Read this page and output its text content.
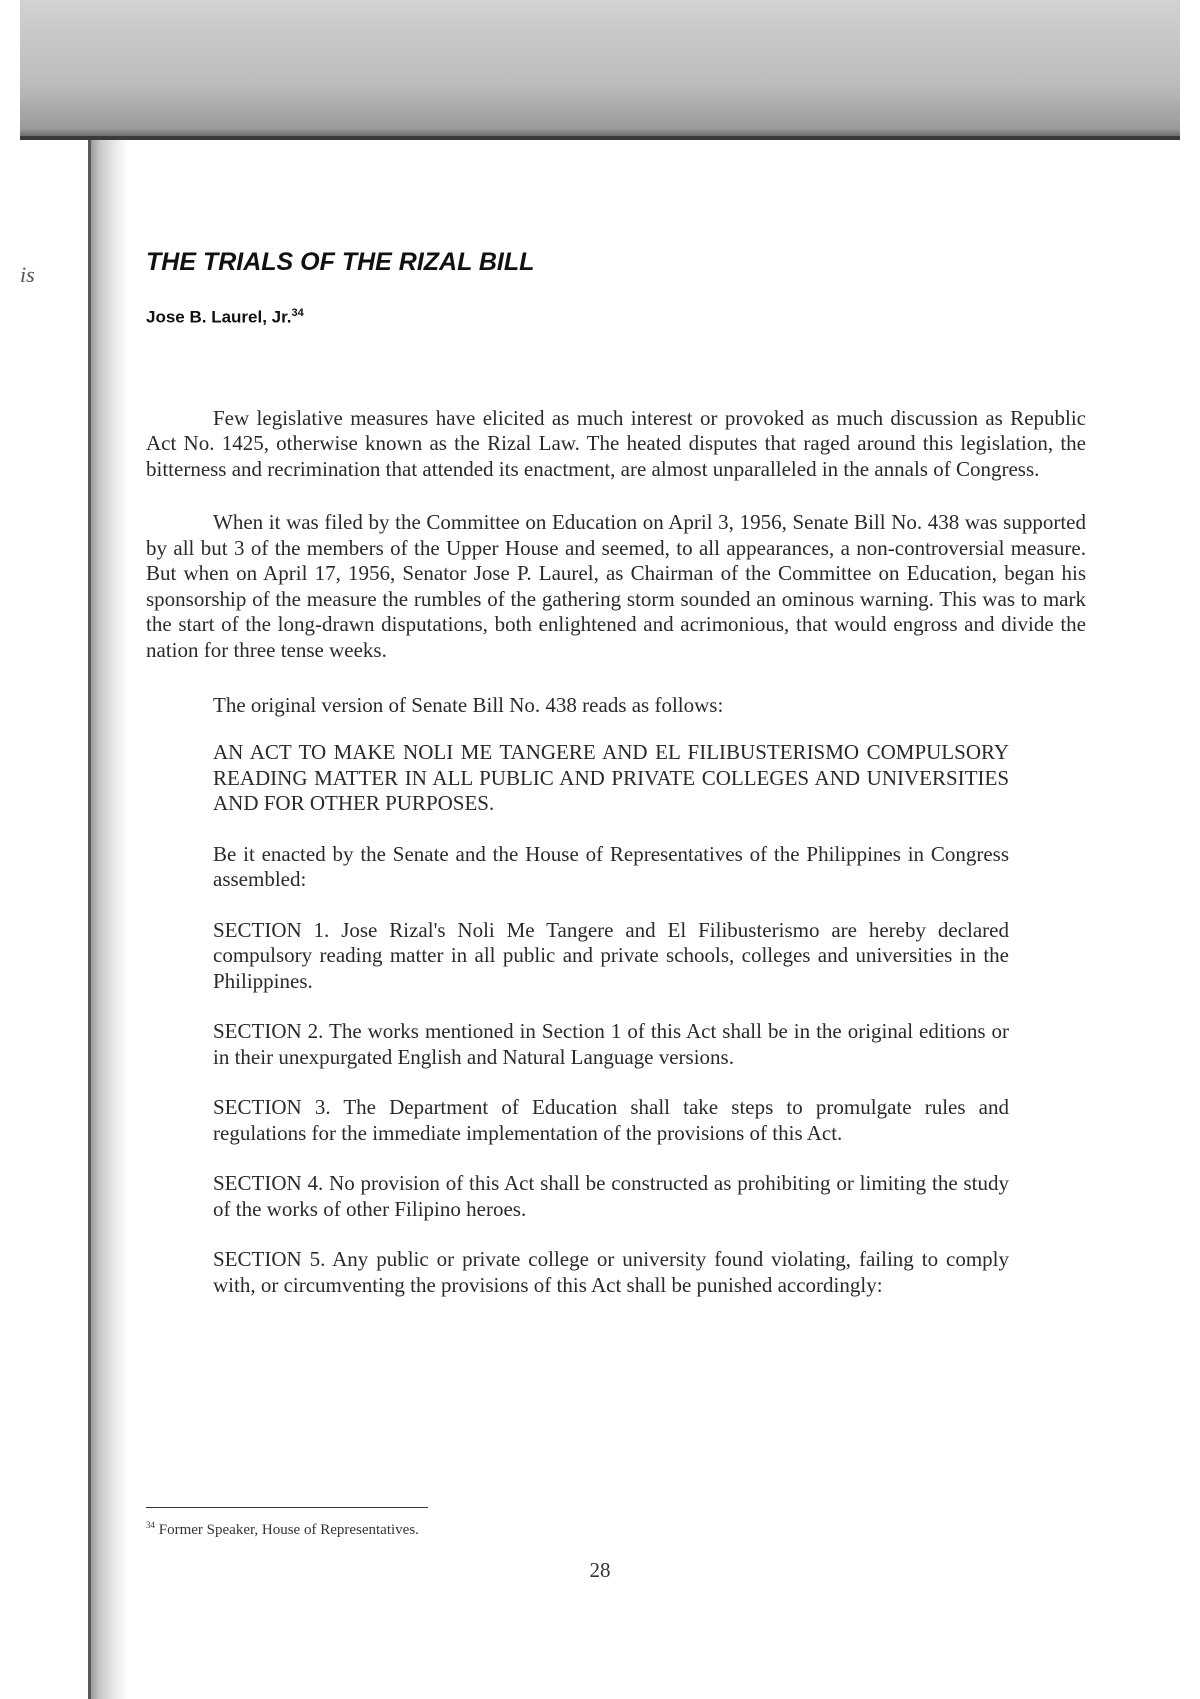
is	THE TRIALS OF THE RIZAL BILL
Jose B. Laurel, Jr.$^{34}$

Few legislative measures have elicited as much interest or provoked as much discussion as Republic Act No. 1425, otherwise known as the Rizal Law. The heated disputes that raged around this legislation, the bitterness and recrimination that attended its enactment, are almost unparalleled in the annals of Congress.

When it was filed by the Committee on Education on April 3, 1956, Senate Bill No. 438 was supported by all but 3 of the members of the Upper House and seemed, to all appearances, a non-controversial measure. But when on April 17, 1956, Senator Jose P. Laurel, as Chairman of the Committee on Education, began his sponsorship of the measure the rumbles of the gathering storm sounded an ominous warning. This was to mark the start of the long-drawn disputations, both enlightened and acrimonious, that would engross and divide the nation for three tense weeks.

The original version of Senate Bill No. 438 reads as follows:

AN ACT TO MAKE NOLI ME TANGERE AND EL FILIBUSTERISMO COMPULSORY READING MATTER IN ALL PUBLIC AND PRIVATE COLLEGES AND UNIVERSITIES AND FOR OTHER PURPOSES.

Be it enacted by the Senate and the House of Representatives of the Philippines in Congress assembled:

SECTION 1. Jose Rizal's Noli Me Tangere and El Filibusterismo are hereby declared compulsory reading matter in all public and private schools, colleges and universities in the Philippines.

SECTION 2. The works mentioned in Section 1 of this Act shall be in the original editions or in their unexpurgated English and Natural Language versions.

SECTION 3. The Department of Education shall take steps to promulgate rules and regulations for the immediate implementation of the provisions of this Act.

SECTION 4. No provision of this Act shall be constructed as prohibiting or limiting the study of the works of other Filipino heroes.

SECTION 5. Any public or private college or university found violating, failing to comply with, or circumventing the provisions of this Act shall be punished accordingly:

$^{34}$ Former Speaker, House of Representatives.
28
